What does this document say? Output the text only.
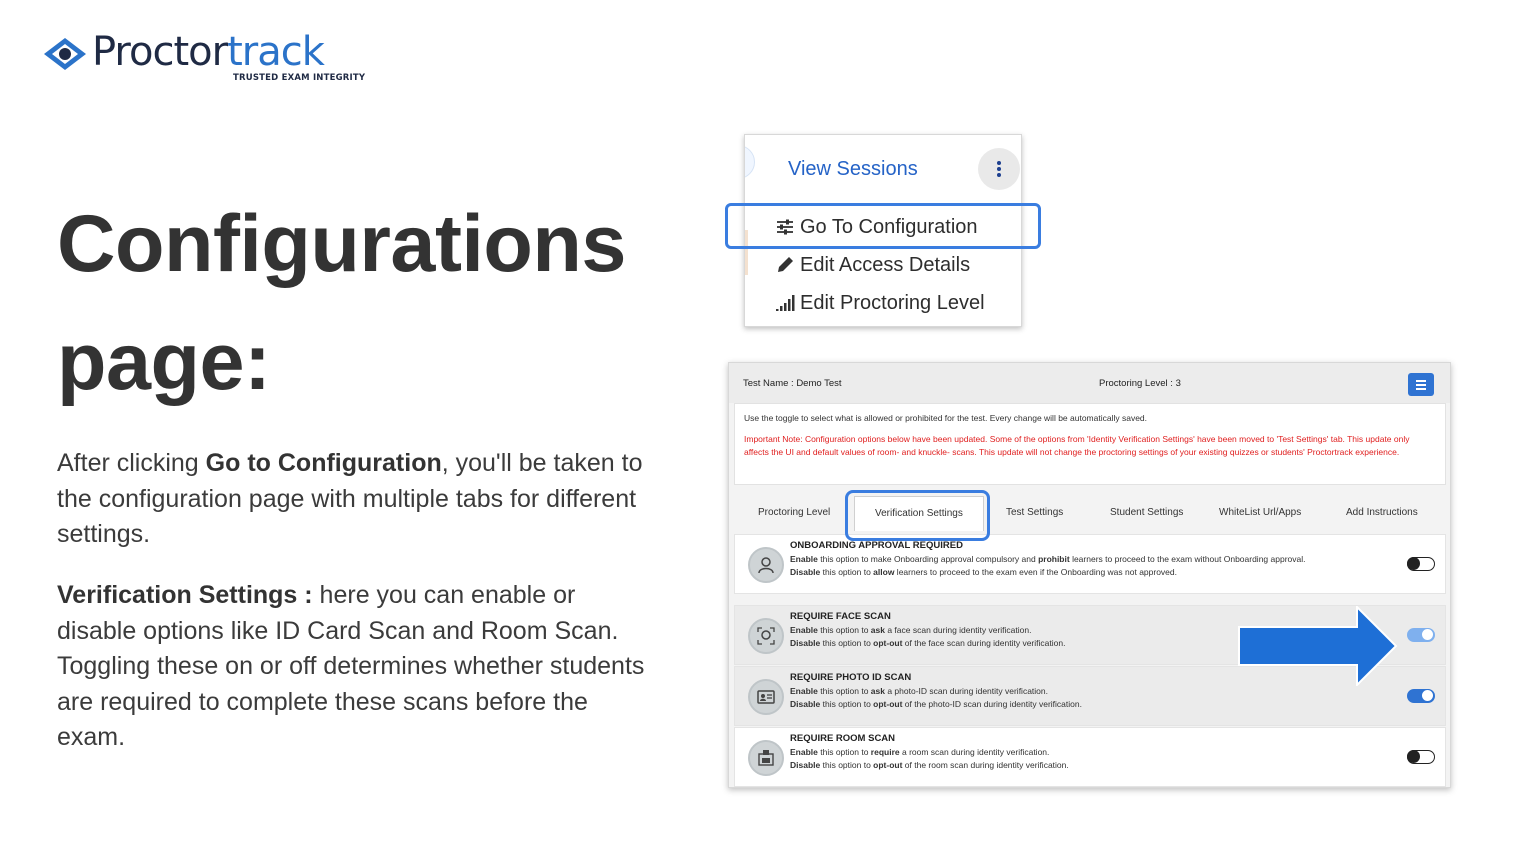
Proctortrack
TRUSTED EXAM INTEGRITY
Configurations
page:

After clicking Go to Configuration, you'll be taken to the configuration page with multiple tabs for different settings.

Verification Settings : here you can enable or disable options like ID Card Scan and Room Scan. Toggling these on or off determines whether students are required to complete these scans before the exam.

View Sessions
Go To Configuration
Edit Access Details
Edit Proctoring Level
Test Name : Demo Test	Proctoring Level : 3
Use the toggle to select what is allowed or prohibited for the test. Every change will be automatically saved.
Important Note: Configuration options below have been updated. Some of the options from 'Identity Verification Settings' have been moved to 'Test Settings' tab. This update only affects the UI and default values of room- and knuckle- scans. This update will not change the proctoring settings of your existing quizzes or students' Proctortrack experience.
Proctoring Level	Verification Settings	Test Settings	Student Settings	WhiteList Url/Apps	Add Instructions
ONBOARDING APPROVAL REQUIRED
Enable this option to make Onboarding approval compulsory and prohibit learners to proceed to the exam without Onboarding approval.
Disable this option to allow learners to proceed to the exam even if the Onboarding was not approved.
REQUIRE FACE SCAN
Enable this option to ask a face scan during identity verification.
Disable this option to opt-out of the face scan during identity verification.
REQUIRE PHOTO ID SCAN
Enable this option to ask a photo-ID scan during identity verification.
Disable this option to opt-out of the photo-ID scan during identity verification.
REQUIRE ROOM SCAN
Enable this option to require a room scan during identity verification.
Disable this option to opt-out of the room scan during identity verification.
